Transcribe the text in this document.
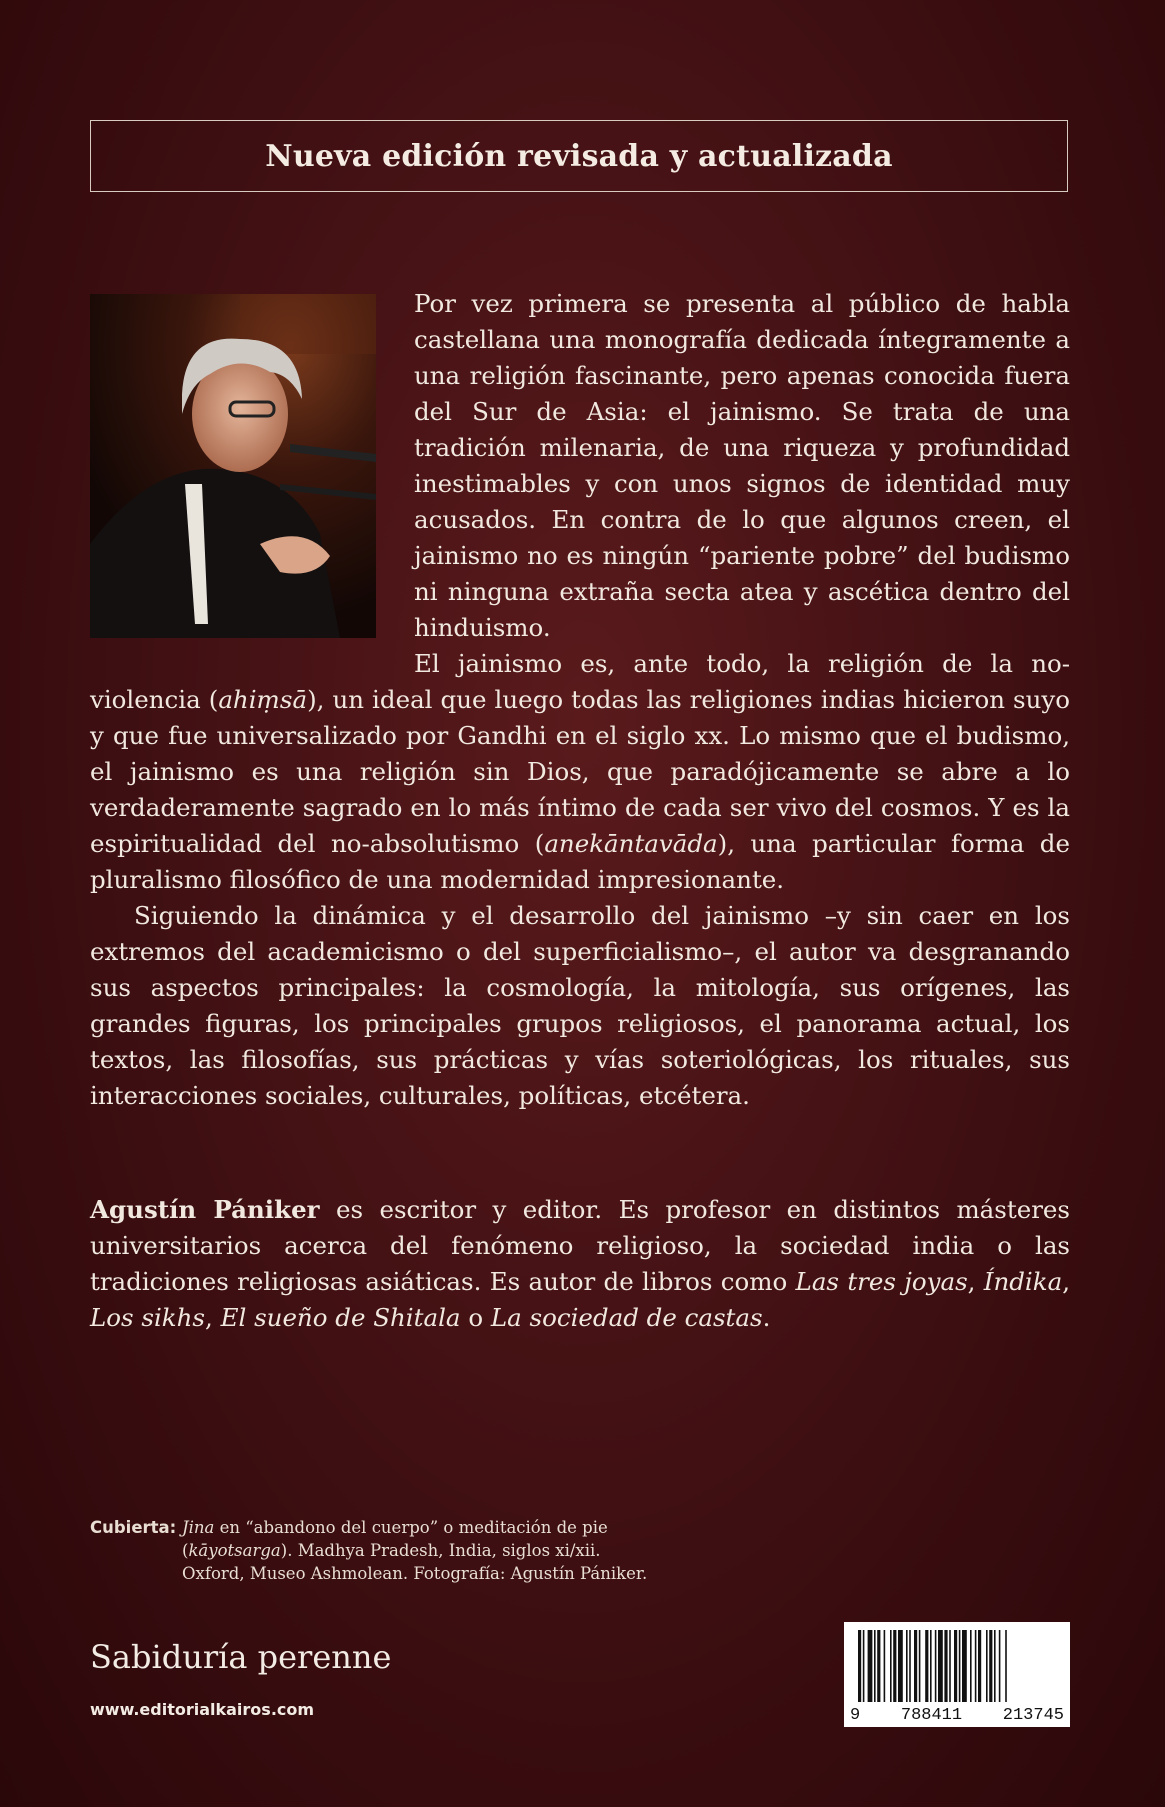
Nueva edición revisada y actualizada

Por vez primera se presenta al público de habla castellana una monografía dedicada íntegramente a una religión fascinante, pero apenas conocida fuera del Sur de Asia: el jainismo. Se trata de una tradición milenaria, de una riqueza y profundidad inestimables y con unos signos de identidad muy acusados. En contra de lo que algunos creen, el jainismo no es ningún “pariente pobre” del budismo ni ninguna extraña secta atea y ascética dentro del hinduismo.

El jainismo es, ante todo, la religión de la no-violencia (ahiṃsā), un ideal que luego todas las religiones indias hicieron suyo y que fue universalizado por Gandhi en el siglo xx. Lo mismo que el budismo, el jainismo es una religión sin Dios, que paradójicamente se abre a lo verdaderamente sagrado en lo más íntimo de cada ser vivo del cosmos. Y es la espiritualidad del no-absolutismo (anekāntavāda), una particular forma de pluralismo filosófico de una modernidad impresionante.

Siguiendo la dinámica y el desarrollo del jainismo –y sin caer en los extremos del academicismo o del superficialismo–, el autor va desgranando sus aspectos principales: la cosmología, la mitología, sus orígenes, las grandes figuras, los principales grupos religiosos, el panorama actual, los textos, las filosofías, sus prácticas y vías soteriológicas, los rituales, sus interacciones sociales, culturales, políticas, etcétera.

Agustín Pániker es escritor y editor. Es profesor en distintos másteres universitarios acerca del fenómeno religioso, la sociedad india o las tradiciones religiosas asiáticas. Es autor de libros como Las tres joyas, Índika, Los sikhs, El sueño de Shitala o La sociedad de castas.
Cubierta: Jina en “abandono del cuerpo” o meditación de pie (kāyotsarga). Madhya Pradesh, India, siglos xi/xii. Oxford, Museo Ashmolean. Fotografía: Agustín Pániker.
Sabiduría perenne
www.editorialkairos.com	9 788411 213745
